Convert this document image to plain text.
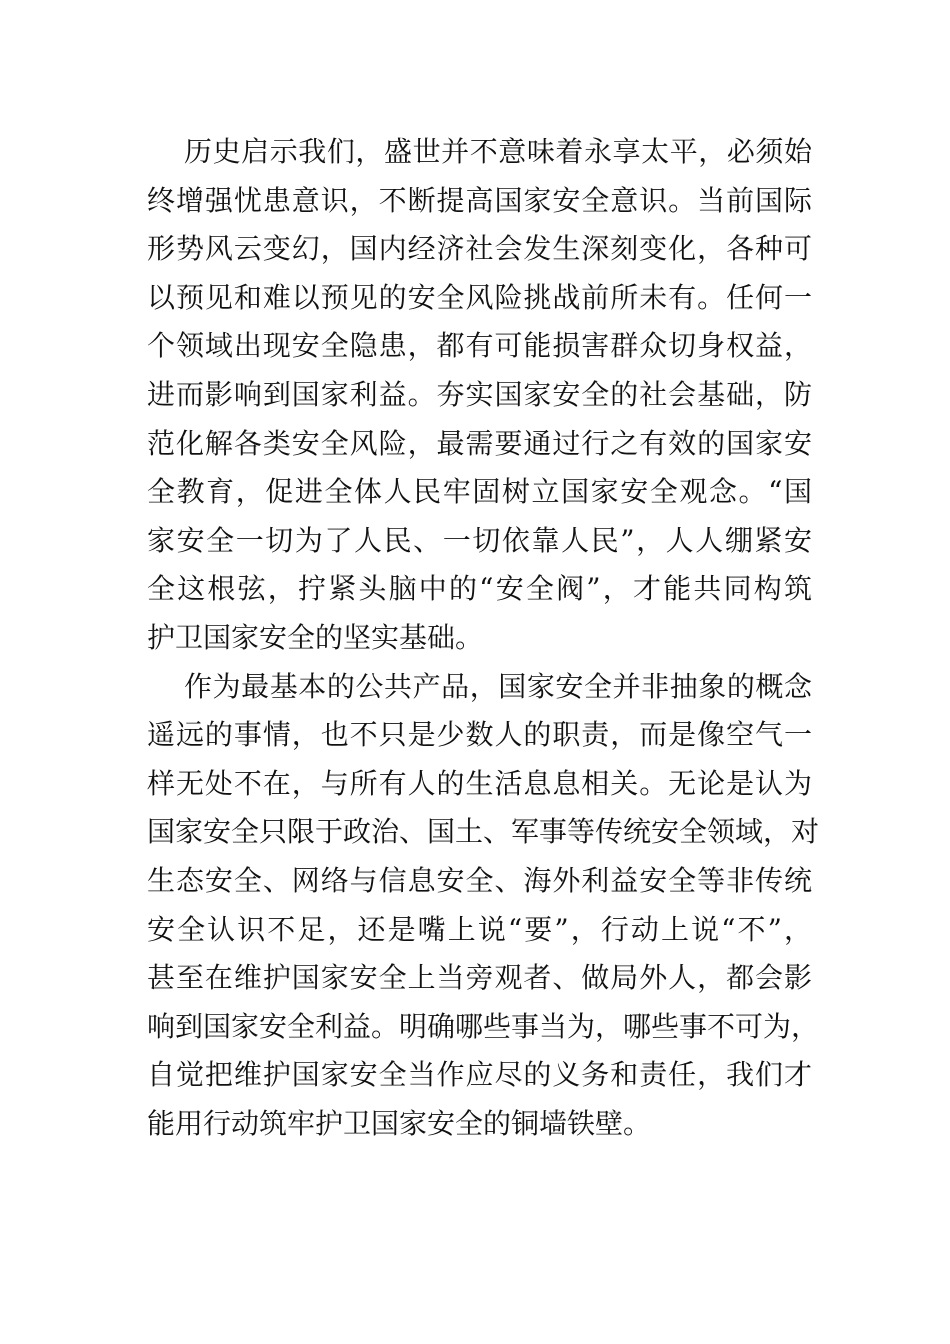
历史启示我们，盛世并不意味着永享太平，必须始
终增强忧患意识，不断提高国家安全意识。当前国际
形势风云变幻，国内经济社会发生深刻变化，各种可
以预见和难以预见的安全风险挑战前所未有。任何一
个领域出现安全隐患，都有可能损害群众切身权益，
进而影响到国家利益。夯实国家安全的社会基础，防
范化解各类安全风险，最需要通过行之有效的国家安
全教育，促进全体人民牢固树立国家安全观念。“国
家安全一切为了人民、一切依靠人民”，人人绷紧安
全这根弦，拧紧头脑中的“安全阀”，才能共同构筑
护卫国家安全的坚实基础。
作为最基本的公共产品，国家安全并非抽象的概念
遥远的事情，也不只是少数人的职责，而是像空气一
样无处不在，与所有人的生活息息相关。无论是认为
国家安全只限于政治、国土、军事等传统安全领域，对
生态安全、网络与信息安全、海外利益安全等非传统
安全认识不足，还是嘴上说“要”，行动上说“不”，
甚至在维护国家安全上当旁观者、做局外人，都会影
响到国家安全利益。明确哪些事当为，哪些事不可为，
自觉把维护国家安全当作应尽的义务和责任，我们才
能用行动筑牢护卫国家安全的铜墙铁壁。
